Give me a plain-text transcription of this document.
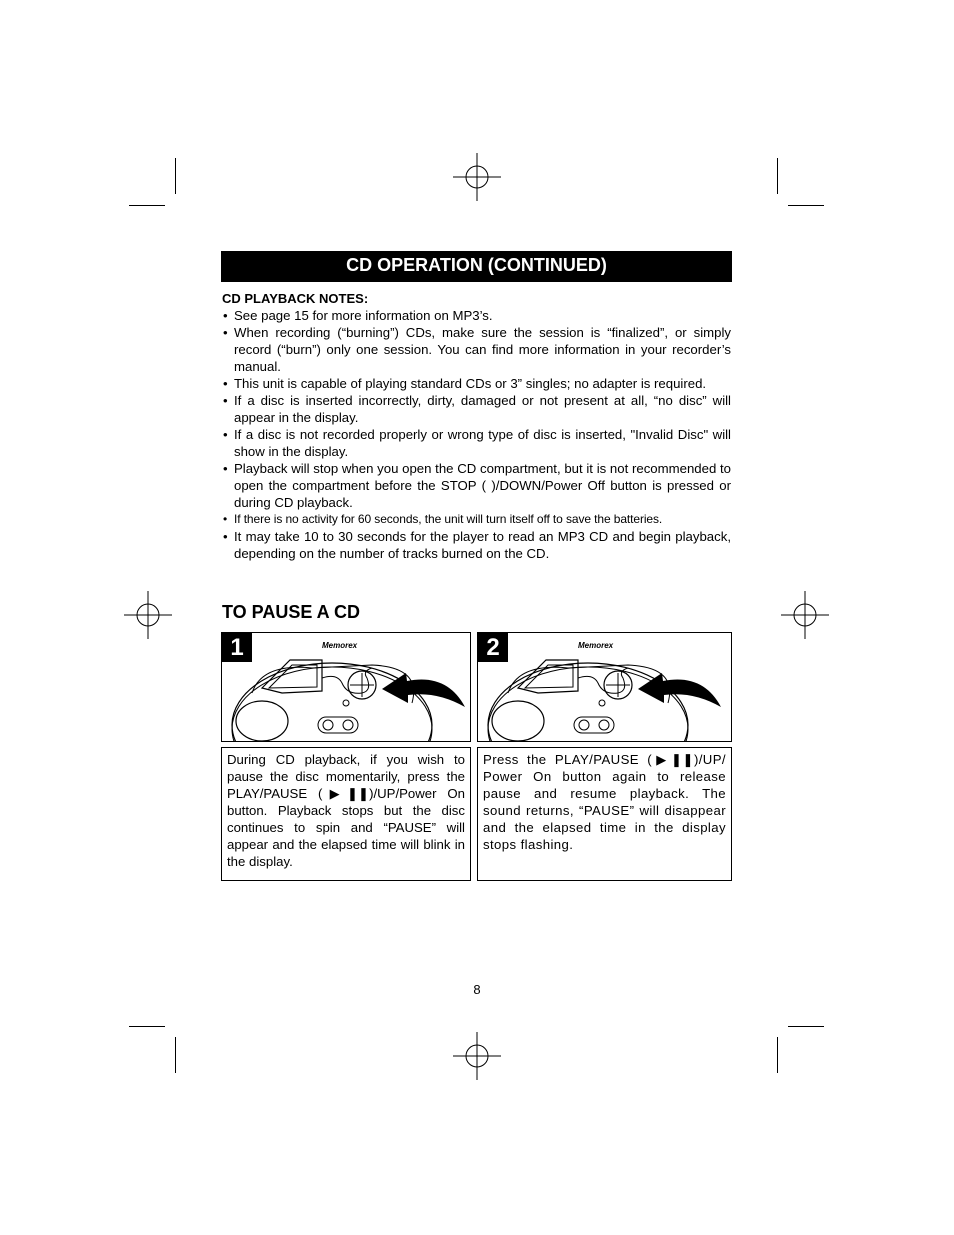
CD OPERATION (CONTINUED)
CD PLAYBACK NOTES:
• See page 15 for more information on MP3’s.
• When recording (“burning”) CDs, make sure the session is “finalized”, or simply record (“burn”) only one session. You can find more information in your recorder’s manual.
• This unit is capable of playing standard CDs or 3” singles; no adapter is required.
• If a disc is inserted incorrectly, dirty, damaged or not present at all, “no disc” will appear in the display.
• If a disc is not recorded properly or wrong type of disc is inserted, "Invalid Disc" will show in the display.
• Playback will stop when you open the CD compartment, but it is not recommended to open the compartment before the STOP ( )/DOWN/Power Off button is pressed or during CD playback.
• If there is no activity for 60 seconds, the unit will turn itself off to save the batteries.
• It may take 10 to 30 seconds for the player to read an MP3 CD and begin playback, depending on the number of tracks burned on the CD.
TO PAUSE A CD
Memorex
1	Memorex
2
During CD playback, if you wish to pause the disc momentarily, press the PLAY/PAUSE (▶❚❚)/UP/Power On button. Playback stops but the disc continues to spin and “PAUSE” will appear and the elapsed time will blink in the display.
Press the PLAY/PAUSE (▶❚❚)/UP/ Power On button again to release pause and resume playback. The sound returns, “PAUSE” will disappear and the elapsed time in the display stops flashing.
8
